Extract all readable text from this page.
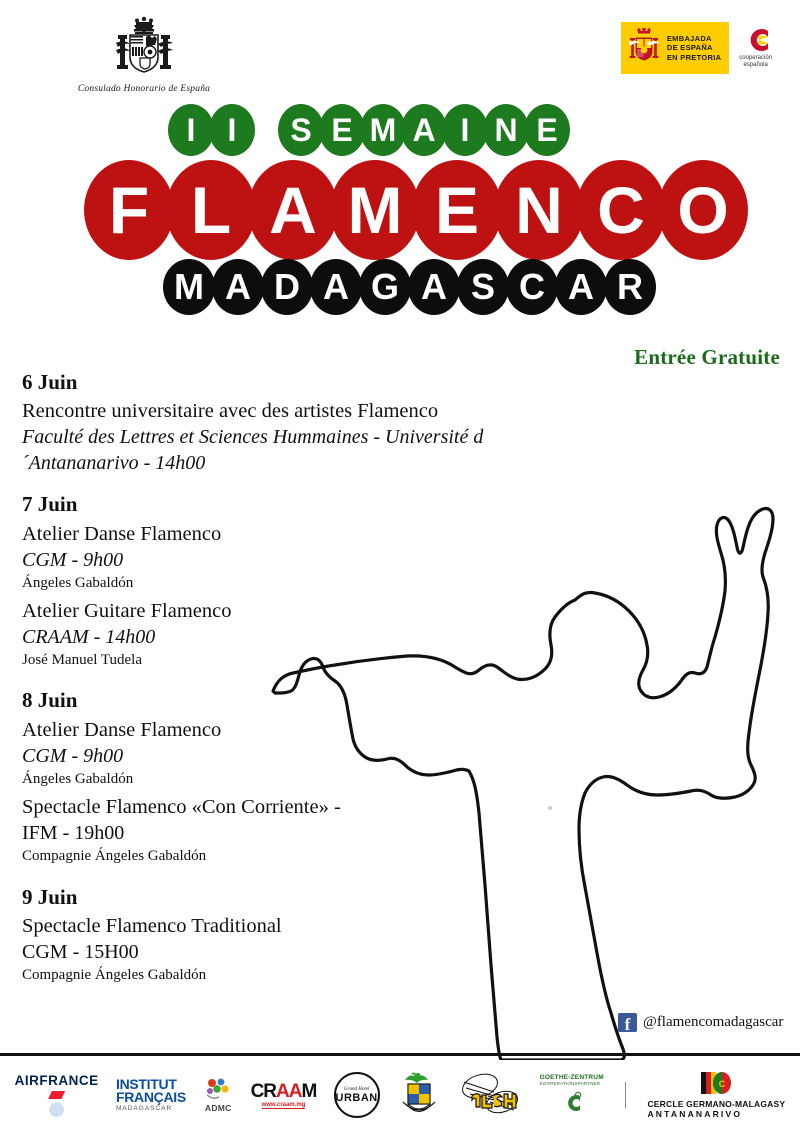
Consulado Honorario de España
EMBAJADA
DE ESPAÑA
EN PRETORIA	cooperación
española
I	I	S E M A I N E
F L A M E N C O
M A D A G A S C A R
Entrée Gratuite
6 Juin
Rencontre universitaire avec des artistes Flamenco
Faculté des Lettres et Sciences Hummaines - Université d´Antananarivo - 14h00
7 Juin
Atelier Danse Flamenco
CGM - 9h00
Ángeles Gabaldón
Atelier Guitare Flamenco
CRAAM - 14h00
José Manuel Tudela
8 Juin
Atelier Danse Flamenco
CGM - 9h00
Ángeles Gabaldón
Spectacle Flamenco «Con Corriente» -
IFM - 19h00
Compagnie Ángeles Gabaldón
9 Juin
Spectacle Flamenco Traditional
CGM - 15H00
Compagnie Ángeles Gabaldón
f @flamencomadagascar
AIRFRANCE INSTITUT
FRANÇAIS
MADAGASCAR	ADMC
CRAAM
www.craam.mg
Grand Hotel
URBAN
GOETHE-ZENTRUM
KOOPERATIONSPARTNER	C
CERCLE GERMANO-MALAGASY
ANTANANARIVO
